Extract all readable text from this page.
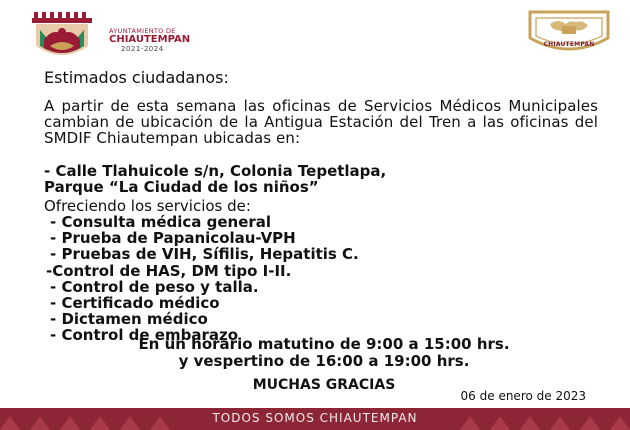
AYUNTAMIENTO DE
CHIAUTEMPAN
2021-2024
CHIAUTEMPAN

Estimados ciudadanos:

A partir de esta semana las oficinas de Servicios Médicos Municipales cambian de ubicación de la Antigua Estación del Tren a las oficinas del SMDIF Chiautempan ubicadas en:

- Calle Tlahuicole s/n, Colonia Tepetlapa,
Parque “La Ciudad de los niños”

Ofreciendo los servicios de:

- Consulta médica general
- Prueba de Papanicolau-VPH
- Pruebas de VIH, Sífilis, Hepatitis C.
-Control de HAS, DM tipo I-II.
- Control de peso y talla.
- Certificado médico
- Dictamen médico
- Control de embarazo
En un horario matutino de 9:00 a 15:00 hrs.
y vespertino de 16:00 a 19:00 hrs.
MUCHAS GRACIAS
06 de enero de 2023
TODOS SOMOS CHIAUTEMPAN
